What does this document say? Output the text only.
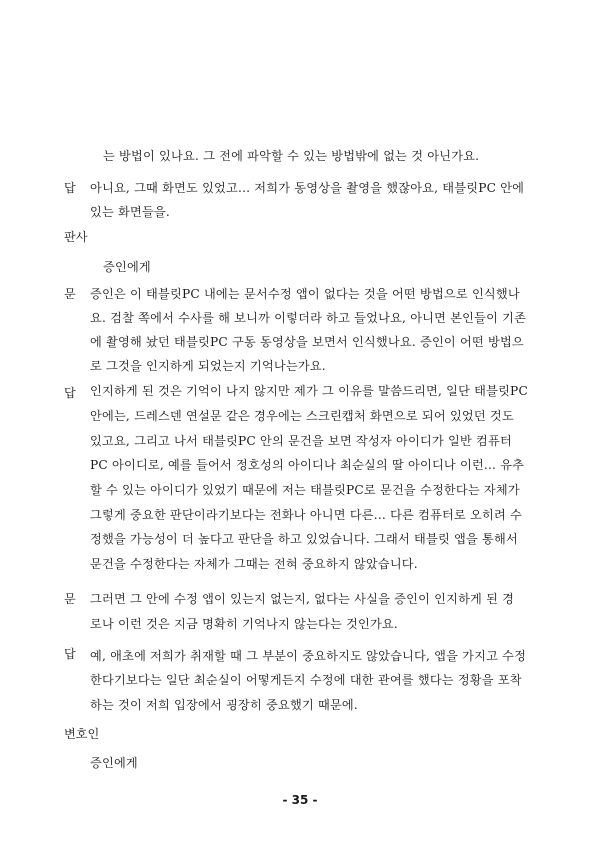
는 방법이 있나요. 그 전에 파악할 수 있는 방법밖에 없는 것 아닌가요.
답 아니요, 그때 화면도 있었고... 저희가 동영상을 촬영을 했잖아요, 태블릿PC 안에
있는 화면들을.
판사
증인에게
문 증인은 이 태블릿PC 내에는 문서수정 앱이 없다는 것을 어떤 방법으로 인식했나
요. 검찰 쪽에서 수사를 해 보니까 이렇더라 하고 들었나요, 아니면 본인들이 기존
에 촬영해 놨던 태블릿PC 구동 동영상을 보면서 인식했나요. 증인이 어떤 방법으
로 그것을 인지하게 되었는지 기억나는가요.
답 인지하게 된 것은 기억이 나지 않지만 제가 그 이유를 말씀드리면, 일단 태블릿PC
안에는, 드레스덴 연설문 같은 경우에는 스크린캡처 화면으로 되어 있었던 것도
있고요, 그리고 나서 태블릿PC 안의 문건을 보면 작성자 아이디가 일반 컴퓨터
PC 아이디로, 예를 들어서 정호성의 아이디나 최순실의 딸 아이디나 이런... 유추
할 수 있는 아이디가 있었기 때문에 저는 태블릿PC로 문건을 수정한다는 자체가
그렇게 중요한 판단이라기보다는 전화나 아니면 다른... 다른 컴퓨터로 오히려 수
정했을 가능성이 더 높다고 판단을 하고 있었습니다. 그래서 태블릿 앱을 통해서
문건을 수정한다는 자체가 그때는 전혀 중요하지 않았습니다.
문 그러면 그 안에 수정 앱이 있는지 없는지, 없다는 사실을 증인이 인지하게 된 경
로나 이런 것은 지금 명확히 기억나지 않는다는 것인가요.
답 예, 애초에 저희가 취재할 때 그 부분이 중요하지도 않았습니다, 앱을 가지고 수정
한다기보다는 일단 최순실이 어떻게든지 수정에 대한 관여를 했다는 정황을 포착
하는 것이 저희 입장에서 굉장히 중요했기 때문에.
변호인
증인에게
- 35 -
